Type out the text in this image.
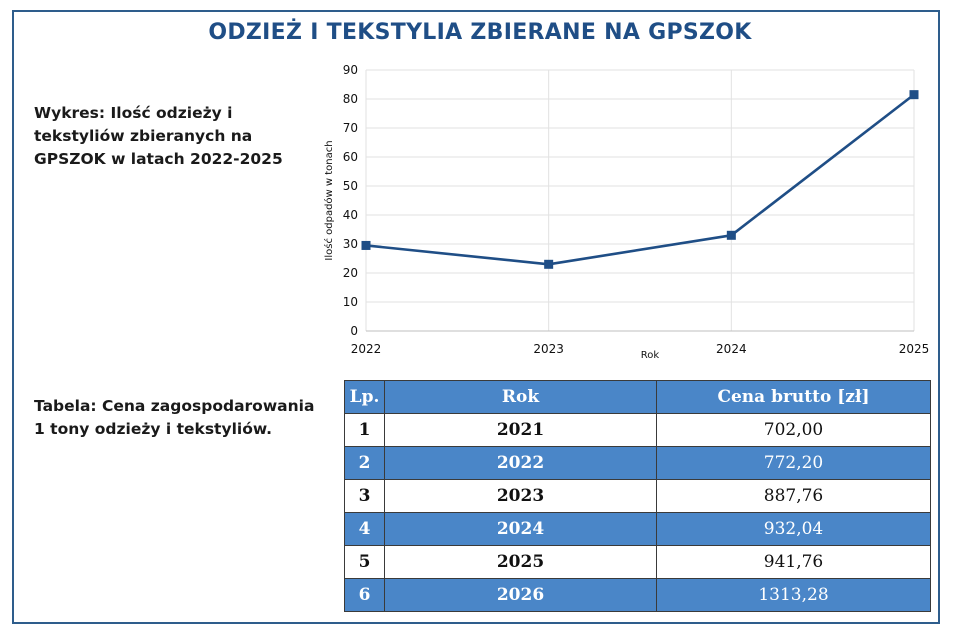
ODZIEŻ I TEKSTYLIA ZBIERANE NA GPSZOK
Wykres: Ilość odzieży i tekstyliów zbieranych na GPSZOK w latach 2022-2025
Tabela: Cena zagospodarowania 1 tony odzieży i tekstyliów.
0
10
20
30
40
50
60
70
80
90
2022	2023	2024	2025
Rok
Ilość odpadów w tonach
Lp.	Rok	Cena brutto [zł]
1	2021	702,00
2	2022	772,20
3	2023	887,76
4	2024	932,04
5	2025	941,76
6	2026	1313,28
